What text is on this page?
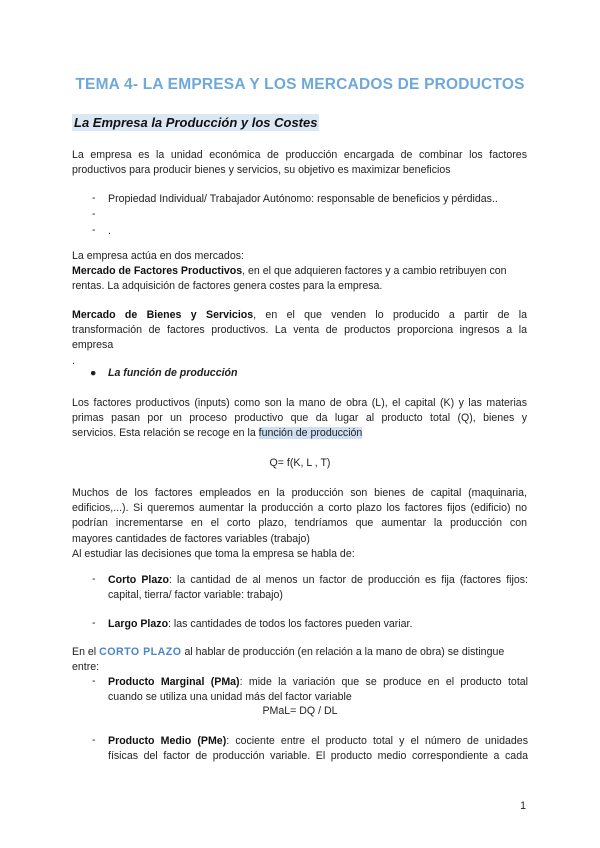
TEMA 4- LA EMPRESA Y LOS MERCADOS DE PRODUCTOS
La Empresa la Producción y los Costes
La empresa es la unidad económica de producción encargada de combinar los factores
productivos para producir bienes y servicios, su objetivo es maximizar beneficios
- Propiedad Individual/ Trabajador Autónomo: responsable de beneficios y pérdidas..
-
- .
La empresa actúa en dos mercados:
Mercado de Factores Productivos, en el que adquieren factores y a cambio retribuyen con
rentas. La adquisición de factores genera costes para la empresa.
Mercado de Bienes y Servicios, en el que venden lo producido a partir de la
transformación de factores productivos. La venta de productos proporciona ingresos a la
empresa
.
● La función de producción
Los factores productivos (inputs) como son la mano de obra (L), el capital (K) y las materias
primas pasan por un proceso productivo que da lugar al producto total (Q), bienes y
servicios. Esta relación se recoge en la función de producción
Q= f(K, L , T)
Muchos de los factores empleados en la producción son bienes de capital (maquinaria,
edificios,...). Si queremos aumentar la producción a corto plazo los factores fijos (edificio) no
podrían incrementarse en el corto plazo, tendríamos que aumentar la producción con
mayores cantidades de factores variables (trabajo)
Al estudiar las decisiones que toma la empresa se habla de:
- Corto Plazo: la cantidad de al menos un factor de producción es fija (factores fijos:
capital, tierra/ factor variable: trabajo)
- Largo Plazo: las cantidades de todos los factores pueden variar.
En el CORTO PLAZO al hablar de producción (en relación a la mano de obra) se distingue
entre:
- Producto Marginal (PMa): mide la variación que se produce en el producto total
cuando se utiliza una unidad más del factor variable
PMaL= DQ / DL
- Producto Medio (PMe): cociente entre el producto total y el número de unidades
físicas del factor de producción variable. El producto medio correspondiente a cada
1
